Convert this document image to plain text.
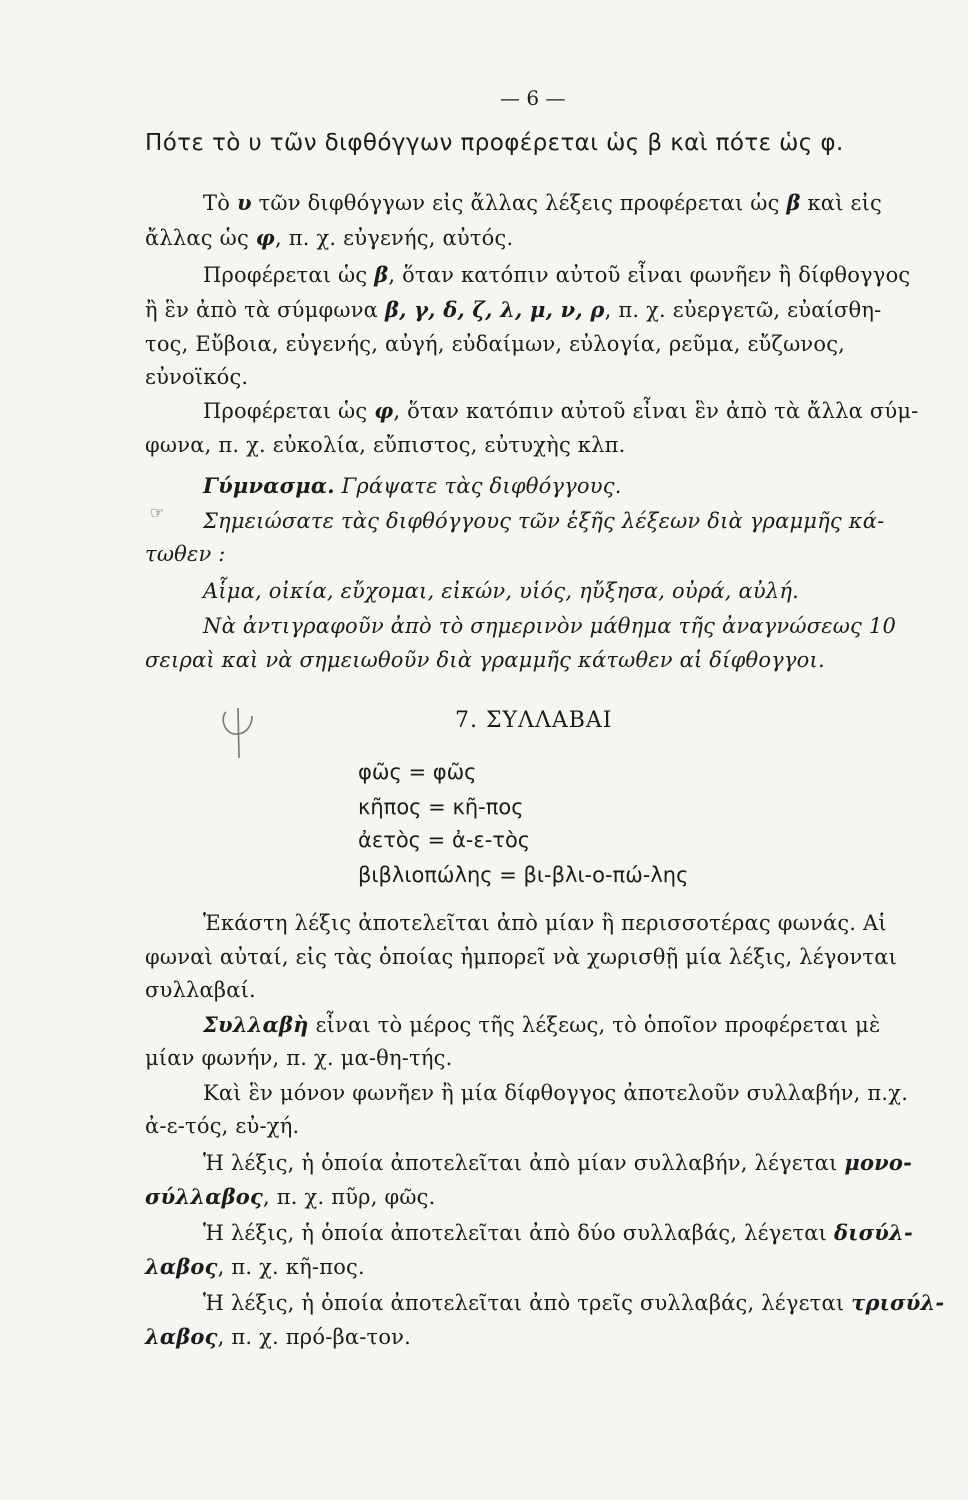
— 6 —
Πότε τὸ υ τῶν διφθόγγων προφέρεται ὡς β καὶ πότε ὡς φ.
Τὸ υ τῶν διφθόγγων εἰς ἄλλας λέξεις προφέρεται ὡς β καὶ εἰς
ἄλλας ὡς φ, π. χ. εὐγενής, αὐτός.
Προφέρεται ὡς β, ὅταν κατόπιν αὐτοῦ εἶναι φωνῆεν ἢ δίφθογγος
ἢ ἓν ἀπὸ τὰ σύμφωνα β, γ, δ, ζ, λ, μ, ν, ρ, π. χ. εὐεργετῶ, εὐαίσθη-
τος, Εὔβοια, εὐγενής, αὐγή, εὐδαίμων, εὐλογία, ρεῦμα, εὔζωνος,
εὐνοϊκός.
Προφέρεται ὡς φ, ὅταν κατόπιν αὐτοῦ εἶναι ἓν ἀπὸ τὰ ἄλλα σύμ-
φωνα, π. χ. εὐκολία, εὔπιστος, εὐτυχὴς κλπ.
Γύμνασμα. Γράψατε τὰς διφθόγγους.
☞ Σημειώσατε τὰς διφθόγγους τῶν ἑξῆς λέξεων διὰ γραμμῆς κά-
τωθεν :
Αἷμα, οἰκία, εὔχομαι, εἰκών, υἱός, ηὔξησα, οὐρά, αὐλή.
Νὰ ἀντιγραφοῦν ἀπὸ τὸ σημερινὸν μάθημα τῆς ἀναγνώσεως 10
σειραὶ καὶ νὰ σημειωθοῦν διὰ γραμμῆς κάτωθεν αἱ δίφθογγοι.
7. ΣΥΛΛΑΒΑΙ
φῶς = φῶς
κῆπος = κῆ-πος
ἀετὸς = ἀ-ε-τὸς
βιβλιοπώλης = βι-βλι-ο-πώ-λης
Ἑκάστη λέξις ἀποτελεῖται ἀπὸ μίαν ἢ περισσοτέρας φωνάς. Αἱ
φωναὶ αὐταί, εἰς τὰς ὁποίας ἠμπορεῖ νὰ χωρισθῇ μία λέξις, λέγονται
συλλαβαί.
Συλλαβὴ εἶναι τὸ μέρος τῆς λέξεως, τὸ ὁποῖον προφέρεται μὲ
μίαν φωνήν, π. χ. μα-θη-τής.
Καὶ ἓν μόνον φωνῆεν ἢ μία δίφθογγος ἀποτελοῦν συλλαβήν, π.χ.
ἀ-ε-τός, εὐ-χή.
Ἡ λέξις, ἡ ὁποία ἀποτελεῖται ἀπὸ μίαν συλλαβήν, λέγεται μονο-
σύλλαβος, π. χ. πῦρ, φῶς.
Ἡ λέξις, ἡ ὁποία ἀποτελεῖται ἀπὸ δύο συλλαβάς, λέγεται δισύλ-
λαβος, π. χ. κῆ-πος.
Ἡ λέξις, ἡ ὁποία ἀποτελεῖται ἀπὸ τρεῖς συλλαβάς, λέγεται τρισύλ-
λαβος, π. χ. πρό-βα-τον.
